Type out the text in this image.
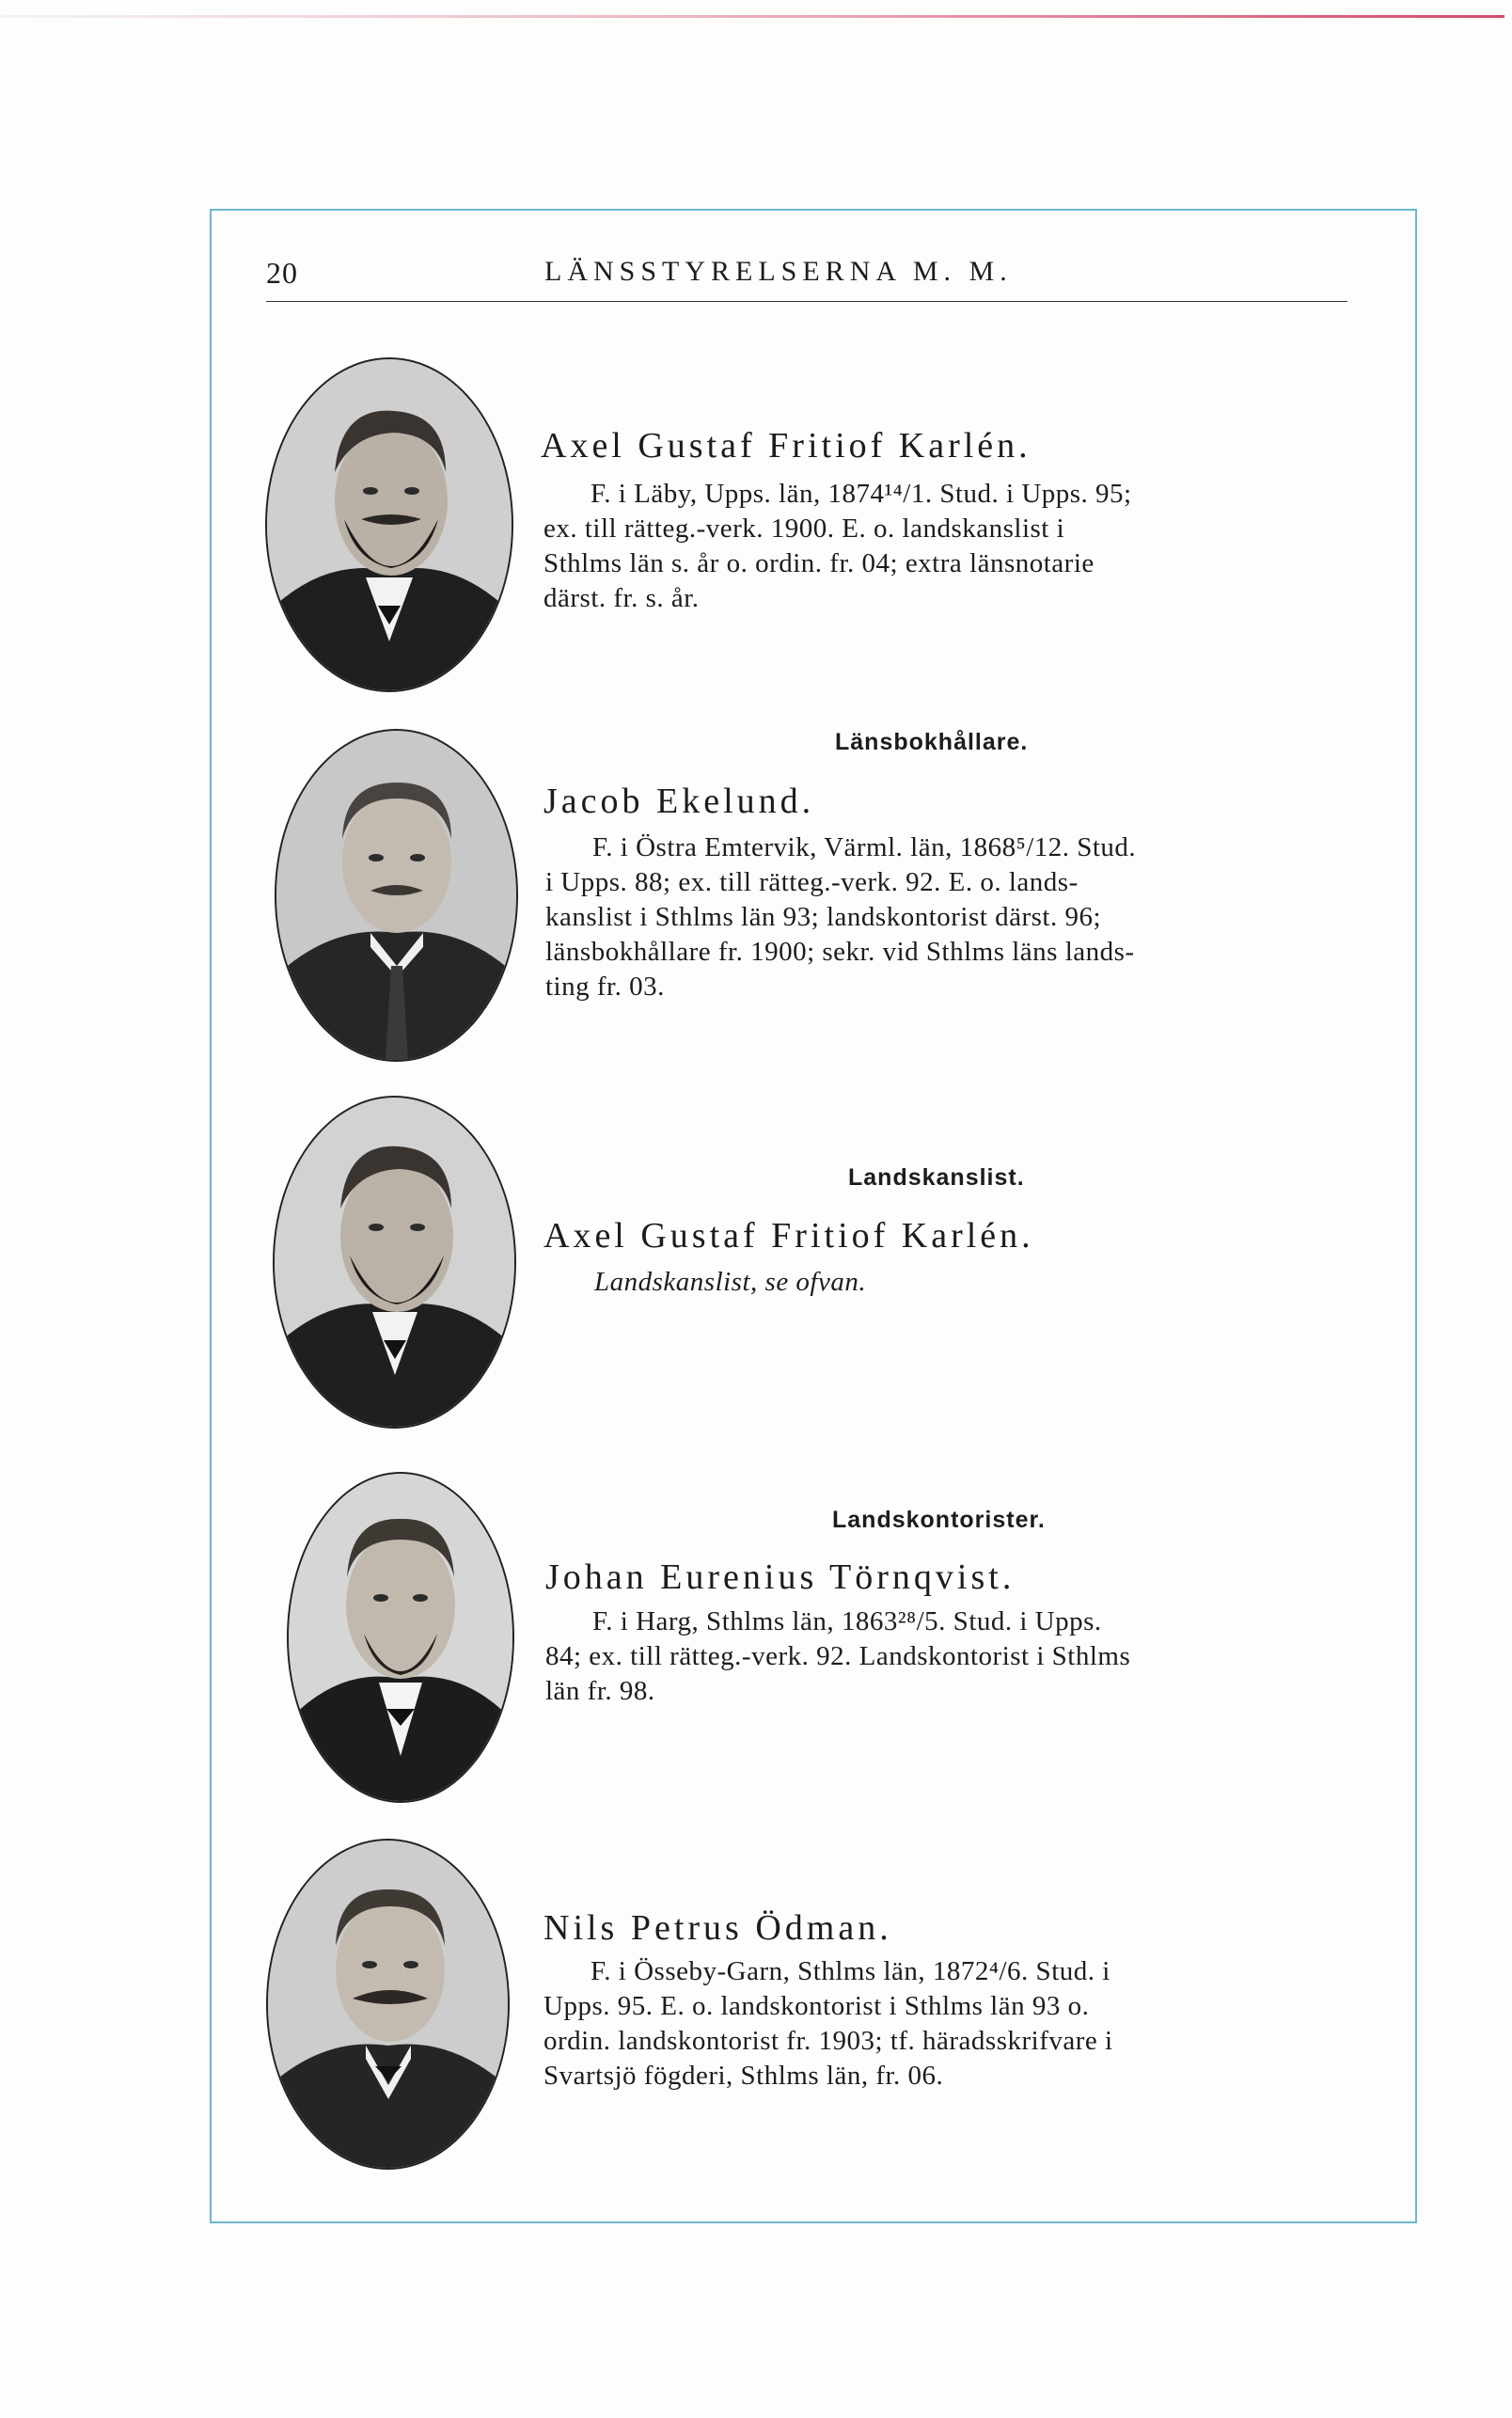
20	LÄNSSTYRELSERNA M. M.
Axel Gustaf Fritiof Karlén.
F. i Läby, Upps. län, 1874¹⁴/1. Stud. i Upps. 95;
ex. till rätteg.-verk. 1900. E. o. landskanslist i
Sthlms län s. år o. ordin. fr. 04; extra länsnotarie
därst. fr. s. år.
Länsbokhållare.
Jacob Ekelund.
F. i Östra Emtervik, Värml. län, 1868⁵/12. Stud.
i Upps. 88; ex. till rätteg.-verk. 92. E. o. lands-
kanslist i Sthlms län 93; landskontorist därst. 96;
länsbokhållare fr. 1900; sekr. vid Sthlms läns lands-
ting fr. 03.
Landskanslist.
Axel Gustaf Fritiof Karlén.
Landskanslist, se ofvan.
Landskontorister.
Johan Eurenius Törnqvist.
F. i Harg, Sthlms län, 1863²⁸/5. Stud. i Upps.
84; ex. till rätteg.-verk. 92. Landskontorist i Sthlms
län fr. 98.
Nils Petrus Ödman.
F. i Össeby-Garn, Sthlms län, 1872⁴/6. Stud. i
Upps. 95. E. o. landskontorist i Sthlms län 93 o.
ordin. landskontorist fr. 1903; tf. häradsskrifvare i
Svartsjö fögderi, Sthlms län, fr. 06.
